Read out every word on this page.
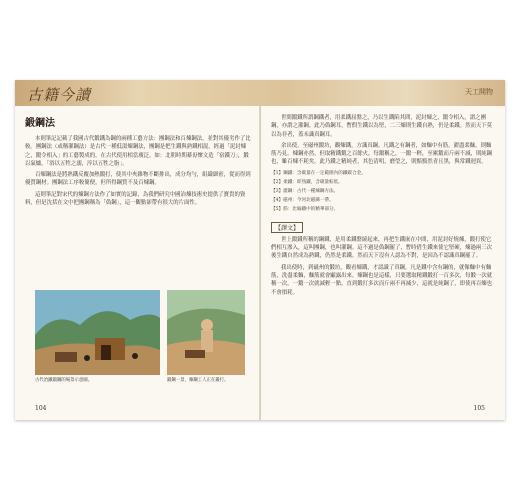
古籍今讀	天工開物
鍛鋼法

本則筆記記載了我國古代鍛鐵為鋼的兩種工藝方法：團鋼法和百煉鋼法，並對其優劣作了比較。團鋼法（或稱灌鋼法）是古代一種低溫煉鋼法，團鋼是把生鐵與熟鐵相混，經過「泥封煉之，鍛令相入」的工藝製成的。在古代使用相當廣泛。如：北朝時期綦毋懷文造「宿鐵刀」，鍛以氣爐，「浴以五牲之溺，淬以五牲之脂」。

百煉鋼法是將熟鐵反覆加熱鍛打，使其中夾雜物不斷排出，成分均勻，組織細密，從而得到優質鋼材。團鋼法工序較簡便，但所得鋼質不及百煉鋼。

這則筆記對宋代的煉鋼方法作了如實的記錄，為我們研究中國冶煉技術史提供了寶貴的資料，但是沈括在文中把團鋼稱為「偽鋼」，這一觀點卻帶有很大的片面性。

古代冶鐵鍛鋼的場景示意圖。	鍛鋼一景，煉鋼工人正在鍛打。
104

世間鍛鐵所謂鋼鐵者，用柔鐵屈盤之，乃以生鐵陷其間，泥封煉之，鍛令相入，謂之團鋼，亦謂之灌鋼。此乃偽鋼耳，暫假生鐵以為堅，二三煉則生鐵自熟，仍是柔鐵。然而天下莫以為非者，蓋未識真鋼耳。

余出使，至磁州鍛坊，觀煉鐵，方識真鋼。凡鐵之有鋼者，如麵中有筋，濯盡柔麵，則麵筋乃見。煉鋼亦然，但取精鐵鍛之百餘火，每鍛稱之，一鍛一輕，至累鍛而斤兩不減，則純鋼也，雖百煉不耗矣。此乃鐵之精純者，其色清明，磨瑩之，則黯黯然青且黑，與常鐵迥異。

【1】鋼鐵：含碳量在一定範圍內的鐵碳合金。

【2】柔鐵：即熟鐵，含碳量較低。

【3】灌鋼：古代一種煉鋼方法。

【4】磁州：今河北磁縣一帶。

【5】筋：比喻鐵中的精華部分。

【譯文】

世上鍛鐵所稱的鋼鐵，是用柔鐵盤繞起來，再把生鐵嵌在中間，用泥封好燒煉，鍛打使它們相互滲入，這叫團鋼，也叫灌鋼。這不過是偽鋼罷了，暫時借生鐵來使它堅硬，煉過兩三次後生鐵自然成為熟鐵，仍然是柔鐵。然而天下沒有人認為不對，是因為不認識真鋼罷了。

我出使時，到磁州的鍛坊，觀看煉鐵，才認識了真鋼。凡是鐵中含有鋼的，就像麵中有麵筋，洗盡柔麵，麵筋就會顯露出來。煉鋼也是這樣，只要選取精鐵鍛打一百多次，每鍛一次就稱一次，一鍛一次就減輕一點，直到鍛打多次而斤兩不再減少，這就是純鋼了，即使再百煉也不會損耗。

105
